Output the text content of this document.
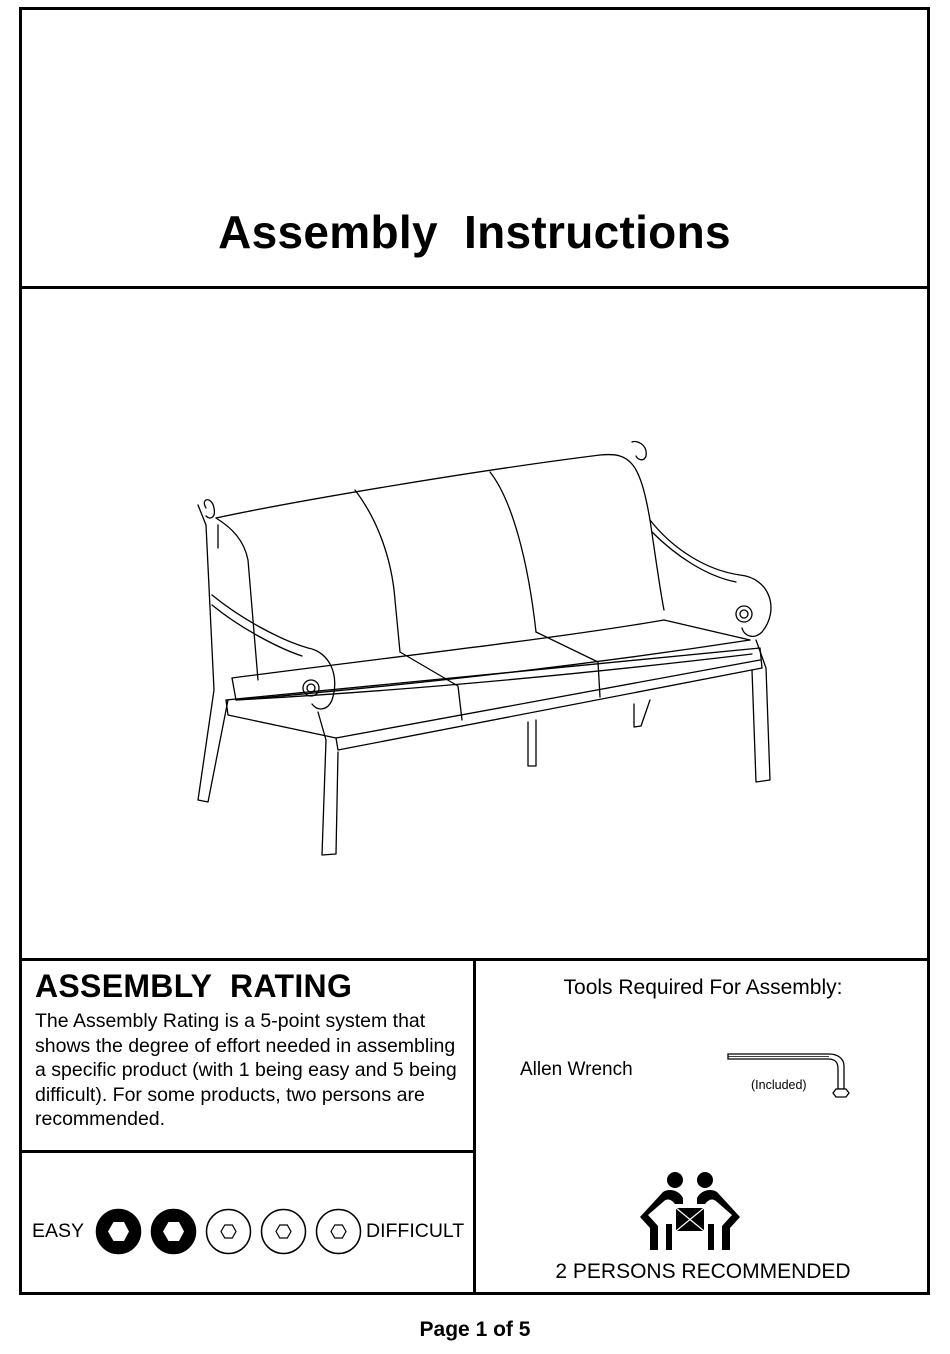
Assembly  Instructions
ASSEMBLY  RATING
The Assembly Rating is a 5-point system that shows the degree of effort needed in assembling a specific product (with 1 being easy and 5 being difficult). For some products, two persons are recommended.
Tools Required For Assembly:
Allen Wrench
(Included)
EASY	DIFFICULT
2 PERSONS RECOMMENDED
Page 1 of 5
